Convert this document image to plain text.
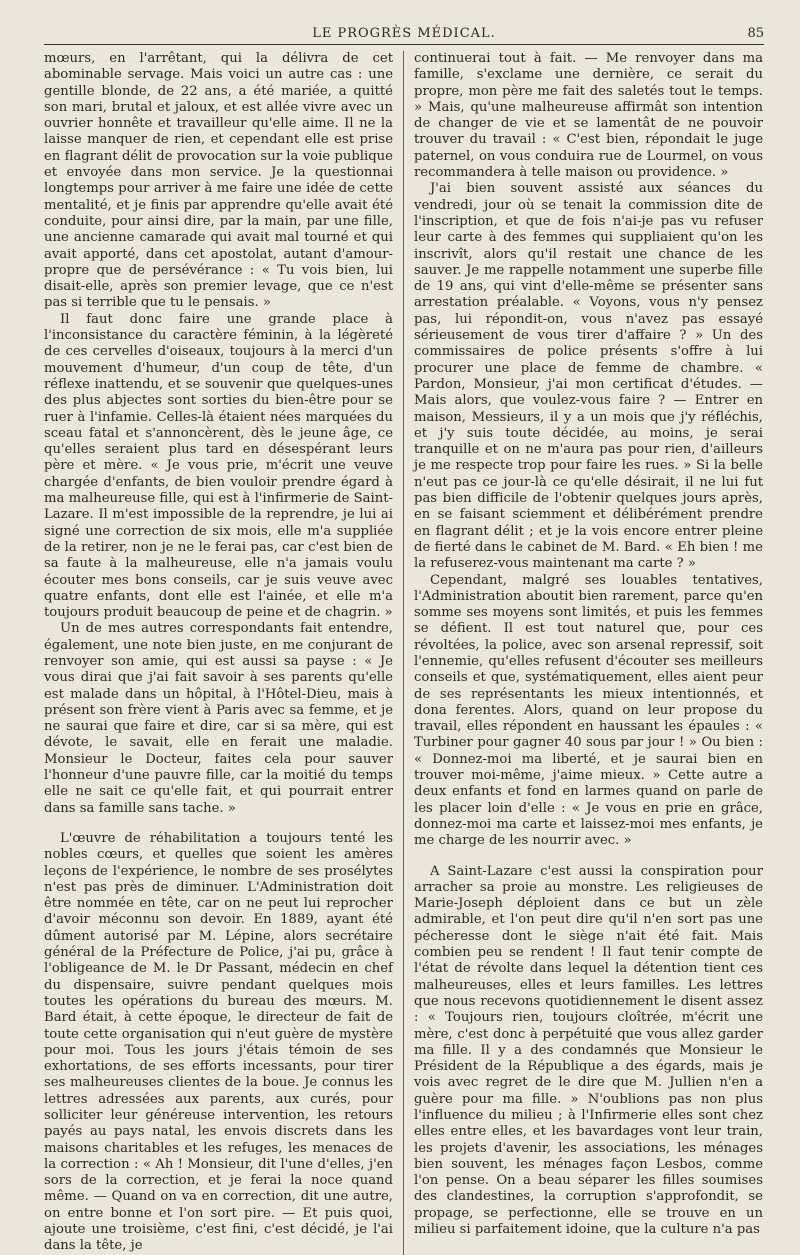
LE PROGRÈS MÉDICAL.	85

mœurs, en l'arrêtant, qui la délivra de cet abominable servage. Mais voici un autre cas : une gentille blonde, de 22 ans, a été mariée, a quitté son mari, brutal et jaloux, et est allée vivre avec un ouvrier honnête et travailleur qu'elle aime. Il ne la laisse manquer de rien, et cependant elle est prise en flagrant délit de provocation sur la voie publique et envoyée dans mon service. Je la questionnai longtemps pour arriver à me faire une idée de cette mentalité, et je finis par apprendre qu'elle avait été conduite, pour ainsi dire, par la main, par une fille, une ancienne camarade qui avait mal tourné et qui avait apporté, dans cet apostolat, autant d'amour-propre que de persévérance : « Tu vois bien, lui disait-elle, après son premier levage, que ce n'est pas si terrible que tu le pensais. »

Il faut donc faire une grande place à l'inconsistance du caractère féminin, à la légèreté de ces cervelles d'oiseaux, toujours à la merci d'un mouvement d'humeur, d'un coup de tête, d'un réflexe inattendu, et se souvenir que quelques-unes des plus abjectes sont sorties du bien-être pour se ruer à l'infamie. Celles-là étaient nées marquées du sceau fatal et s'annoncèrent, dès le jeune âge, ce qu'elles seraient plus tard en désespérant leurs père et mère. « Je vous prie, m'écrit une veuve chargée d'enfants, de bien vouloir prendre égard à ma malheureuse fille, qui est à l'infirmerie de Saint-Lazare. Il m'est impossible de la reprendre, je lui ai signé une correction de six mois, elle m'a suppliée de la retirer, non je ne le ferai pas, car c'est bien de sa faute à la malheureuse, elle n'a jamais voulu écouter mes bons conseils, car je suis veuve avec quatre enfants, dont elle est l'ainée, et elle m'a toujours produit beaucoup de peine et de chagrin. »

Un de mes autres correspondants fait entendre, également, une note bien juste, en me conjurant de renvoyer son amie, qui est aussi sa payse : « Je vous dirai que j'ai fait savoir à ses parents qu'elle est malade dans un hôpital, à l'Hôtel-Dieu, mais à présent son frère vient à Paris avec sa femme, et je ne saurai que faire et dire, car si sa mère, qui est dévote, le savait, elle en ferait une maladie. Monsieur le Docteur, faites cela pour sauver l'honneur d'une pauvre fille, car la moitié du temps elle ne sait ce qu'elle fait, et qui pourrait entrer dans sa famille sans tache. »

L'œuvre de réhabilitation a toujours tenté les nobles cœurs, et quelles que soient les amères leçons de l'expérience, le nombre de ses prosélytes n'est pas près de diminuer. L'Administration doit être nommée en tête, car on ne peut lui reprocher d'avoir méconnu son devoir. En 1889, ayant été dûment autorisé par M. Lépine, alors secrétaire général de la Préfecture de Police, j'ai pu, grâce à l'obligeance de M. le Dr Passant, médecin en chef du dispensaire, suivre pendant quelques mois toutes les opérations du bureau des mœurs. M. Bard était, à cette époque, le directeur de fait de toute cette organisation qui n'eut guère de mystère pour moi. Tous les jours j'étais témoin de ses exhortations, de ses efforts incessants, pour tirer ses malheureuses clientes de la boue. Je connus les lettres adressées aux parents, aux curés, pour solliciter leur généreuse intervention, les retours payés au pays natal, les envois discrets dans les maisons charitables et les refuges, les menaces de la correction : « Ah ! Monsieur, dit l'une d'elles, j'en sors de la correction, et je ferai la noce quand même. — Quand on va en correction, dit une autre, on entre bonne et l'on sort pire. — Et puis quoi, ajoute une troisième, c'est fini, c'est décidé, je l'ai dans la tête, je

continuerai tout à fait. — Me renvoyer dans ma famille, s'exclame une dernière, ce serait du propre, mon père me fait des saletés tout le temps. » Mais, qu'une malheureuse affirmât son intention de changer de vie et se lamentât de ne pouvoir trouver du travail : « C'est bien, répondait le juge paternel, on vous conduira rue de Lourmel, on vous recommandera à telle maison ou providence. »

J'ai bien souvent assisté aux séances du vendredi, jour où se tenait la commission dite de l'inscription, et que de fois n'ai-je pas vu refuser leur carte à des femmes qui suppliaient qu'on les inscrivît, alors qu'il restait une chance de les sauver. Je me rappelle notamment une superbe fille de 19 ans, qui vint d'elle-même se présenter sans arrestation préalable. « Voyons, vous n'y pensez pas, lui répondit-on, vous n'avez pas essayé sérieusement de vous tirer d'affaire ? » Un des commissaires de police présents s'offre à lui procurer une place de femme de chambre. « Pardon, Monsieur, j'ai mon certificat d'études. — Mais alors, que voulez-vous faire ? — Entrer en maison, Messieurs, il y a un mois que j'y réfléchis, et j'y suis toute décidée, au moins, je serai tranquille et on ne m'aura pas pour rien, d'ailleurs je me respecte trop pour faire les rues. » Si la belle n'eut pas ce jour-là ce qu'elle désirait, il ne lui fut pas bien difficile de l'obtenir quelques jours après, en se faisant sciemment et délibérément prendre en flagrant délit ; et je la vois encore entrer pleine de fierté dans le cabinet de M. Bard. « Eh bien ! me la refuserez-vous maintenant ma carte ? »

Cependant, malgré ses louables tentatives, l'Administration aboutit bien rarement, parce qu'en somme ses moyens sont limités, et puis les femmes se défient. Il est tout naturel que, pour ces révoltées, la police, avec son arsenal repressif, soit l'ennemie, qu'elles refusent d'écouter ses meilleurs conseils et que, systématiquement, elles aient peur de ses représentants les mieux intentionnés, et dona ferentes. Alors, quand on leur propose du travail, elles répondent en haussant les épaules : « Turbiner pour gagner 40 sous par jour ! » Ou bien : « Donnez-moi ma liberté, et je saurai bien en trouver moi-même, j'aime mieux. » Cette autre a deux enfants et fond en larmes quand on parle de les placer loin d'elle : « Je vous en prie en grâce, donnez-moi ma carte et laissez-moi mes enfants, je me charge de les nourrir avec. »

A Saint-Lazare c'est aussi la conspiration pour arracher sa proie au monstre. Les religieuses de Marie-Joseph déploient dans ce but un zèle admirable, et l'on peut dire qu'il n'en sort pas une pécheresse dont le siège n'ait été fait. Mais combien peu se rendent ! Il faut tenir compte de l'état de révolte dans lequel la détention tient ces malheureuses, elles et leurs familles. Les lettres que nous recevons quotidiennement le disent assez : « Toujours rien, toujours cloîtrée, m'écrit une mère, c'est donc à perpétuité que vous allez garder ma fille. Il y a des condamnés que Monsieur le Président de la République a des égards, mais je vois avec regret de le dire que M. Jullien n'en a guère pour ma fille. » N'oublions pas non plus l'influence du milieu ; à l'Infirmerie elles sont chez elles entre elles, et les bavardages vont leur train, les projets d'avenir, les associations, les ménages bien souvent, les ménages façon Lesbos, comme l'on pense. On a beau séparer les filles soumises des clandestines, la corruption s'approfondit, se propage, se perfectionne, elle se trouve en un milieu si parfaitement idoine, que la culture n'a pas
